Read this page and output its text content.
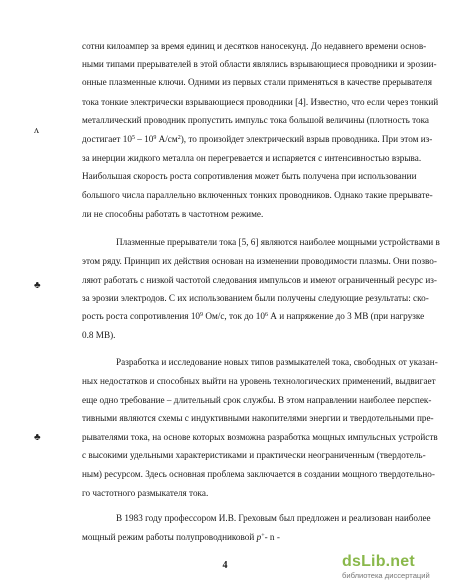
сотни килоампер за время единиц и десятков наносекунд. До недавнего времени основ-
ными типами прерывателей в этой области являлись взрывающиеся проводники и эрозии-
онные плазменные ключи. Одними из первых стали применяться в качестве прерывателя
тока тонкие электрически взрывающиеся проводники [4]. Известно, что если через тонкий
металлический проводник пропустить импульс тока большой величины (плотность тока
достигает $10^5 - 10^9$ $А/см^2$), то произойдет электрический взрыв проводника. При этом из-
за инерции жидкого металла он перегревается и испаряется с интенсивностью взрыва.
Наибольшая скорость роста сопротивления может быть получена при использовании
большого числа параллельно включенных тонких проводников. Однако такие прерывате-
ли не способны работать в частотном режиме.
Плазменные прерыватели тока [5, 6] являются наиболее мощными устройствами в
этом ряду. Принцип их действия основан на изменении проводимости плазмы. Они позво-
ляют работать с низкой частотой следования импульсов и имеют ограниченный ресурс из-
за эрозии электродов. С их использованием были получены следующие результаты: ско-
рость роста сопротивления $10^9$ Ом/с, ток до $10^6$ А и напряжение до 3 МВ (при нагрузке
0.8 МВ).
Разработка и исследование новых типов размыкателей тока, свободных от указан-
ных недостатков и способных выйти на уровень технологических применений, выдвигает
еще одно требование – длительный срок службы. В этом направлении наиболее перспек-
тивными являются схемы с индуктивными накопителями энергии и твердотельными пре-
рывателями тока, на основе которых возможна разработка мощных импульсных устройств
с высокими удельными характеристиками и практически неограниченным (твердотель-
ным) ресурсом. Здесь основная проблема заключается в создании мощного твердотельно-
го частотного размыкателя тока.
В 1983 году профессором И.В. Греховым был предложен и реализован наиболее
мощный режим работы полупроводниковой p+- n -
ʌ
♣
♣
4	dsLib.net
библиотека диссертаций
